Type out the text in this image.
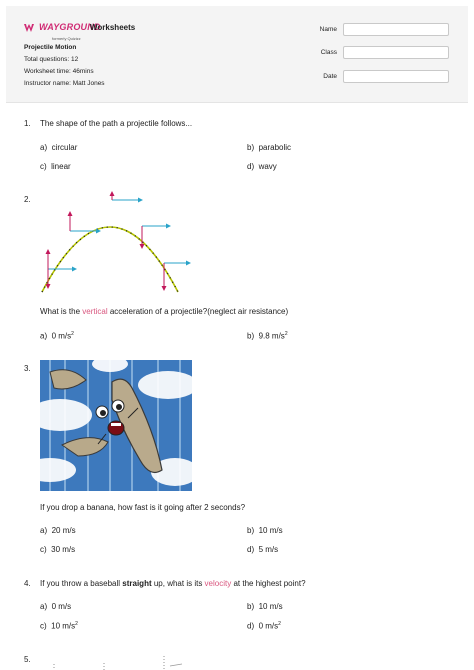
WAYGROUND
formerly Quizizz
Worksheets
Projectile Motion
Total questions: 12
Worksheet time: 46mins
Instructor name: Matt Jones
Name
Class
Date
1. The shape of the path a projectile follows...
a) circular	b) parabolic
c) linear	d) wavy
2.
What is the vertical acceleration of a projectile?(neglect air resistance)
a) 0 $m/s^2$	b) 9.8 $m/s^2$
3.
If you drop a banana, how fast is it going after 2 seconds?
a) 20 m/s	b) 10 m/s
c) 30 m/s	d) 5 m/s
4. If you throw a baseball straight up, what is its velocity at the highest point?
a) 0 m/s	b) 10 m/s
c) 10 $m/s^2$	d) 0 $m/s^2$
5.
